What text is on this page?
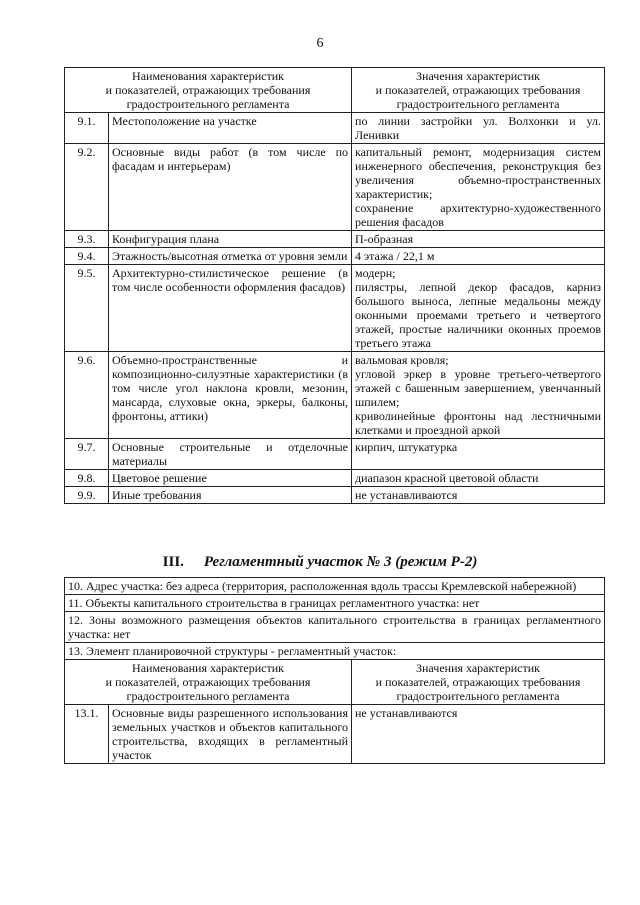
6
Наименования характеристик
и показателей, отражающих требования
градостроительного регламента		Значения характеристик
и показателей, отражающих требования
градостроительного регламента

9.1.	Местоположение на участке	по линии застройки ул. Волхонки и ул. Ленивки

9.2.	Основные виды работ (в том числе по фасадам и интерьерам)	капитальный ремонт, модернизация систем инженерного обеспечения, реконструкция без увеличения объемно-пространственных характеристик;
сохранение архитектурно-художественного решения фасадов

9.3.	Конфигурация плана	П-образная

9.4.	Этажность/высотная отметка от уровня земли	4 этажа / 22,1 м

9.5.	Архитектурно-стилистическое решение (в том числе особенности оформления фасадов)	модерн;
пилястры, лепной декор фасадов, карниз большого выноса, лепные медальоны между оконными проемами третьего и четвертого этажей, простые наличники оконных проемов третьего этажа

9.6.	Объемно-пространственные и композиционно-силуэтные характеристики (в том числе угол наклона кровли, мезонин, мансарда, слуховые окна, эркеры, балконы, фронтоны, аттики)	вальмовая кровля;
угловой эркер в уровне третьего-четвертого этажей с башенным завершением, увенчанный шпилем;
криволинейные фронтоны над лестничными клетками и проездной аркой

9.7.	Основные строительные и отделочные материалы	кирпич, штукатурка

9.8.	Цветовое решение	диапазон красной цветовой области

9.9.	Иные требования	не устанавливаются
III. Регламентный участок № 3 (режим Р-2)
10. Адрес участка: без адреса (территория, расположенная вдоль трассы Кремлевской набережной)		
11. Объекты капитального строительства в границах регламентного участка: нет		
12. Зоны возможного размещения объектов капитального строительства в границах регламентного участка: нет		
13. Элемент планировочной структуры - регламентный участок:		

Наименования характеристик
и показателей, отражающих требования
градостроительного регламента		Значения характеристик
и показателей, отражающих требования
градостроительного регламента

13.1.	Основные виды разрешенного использования земельных участков и объектов капитального строительства, входящих в регламентный участок	не устанавливаются
